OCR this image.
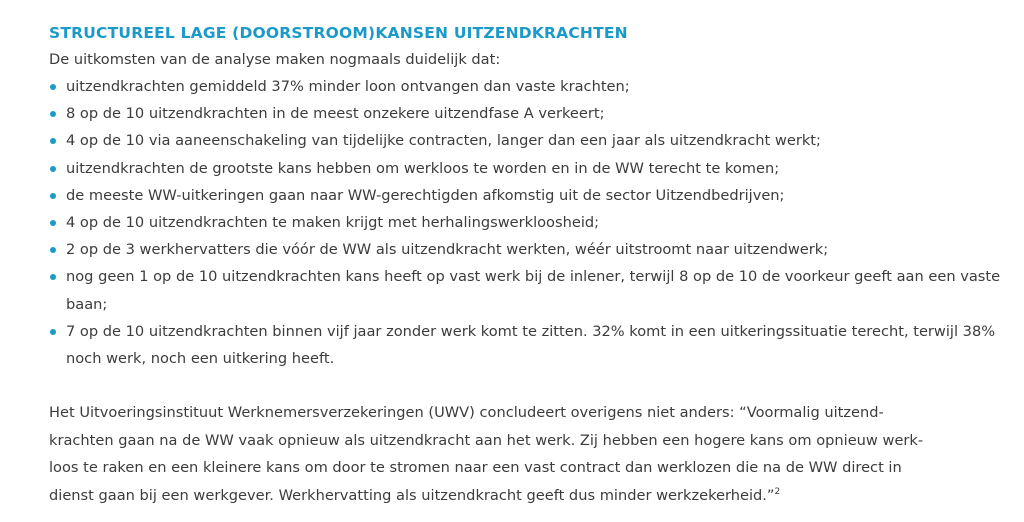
STRUCTUREEL LAGE (DOORSTROOM)KANSEN UITZENDKRACHTEN

De uitkomsten van de analyse maken nogmaals duidelijk dat:

uitzendkrachten gemiddeld 37% minder loon ontvangen dan vaste krachten;
8 op de 10 uitzendkrachten in de meest onzekere uitzendfase A verkeert;
4 op de 10 via aaneenschakeling van tijdelijke contracten, langer dan een jaar als uitzendkracht werkt;
uitzendkrachten de grootste kans hebben om werkloos te worden en in de WW terecht te komen;
de meeste WW-uitkeringen gaan naar WW-gerechtigden afkomstig uit de sector Uitzendbedrijven;
4 op de 10 uitzendkrachten te maken krijgt met herhalingswerkloosheid;
2 op de 3 werkhervatters die vóór de WW als uitzendkracht werkten, wéér uitstroomt naar uitzendwerk;
nog geen 1 op de 10 uitzendkrachten kans heeft op vast werk bij de inlener, terwijl 8 op de 10 de voorkeur geeft aan een vaste baan;
7 op de 10 uitzendkrachten binnen vijf jaar zonder werk komt te zitten. 32% komt in een uitkeringssituatie terecht, terwijl 38% noch werk, noch een uitkering heeft.
Het Uitvoeringsinstituut Werknemersverzekeringen (UWV) concludeert overigens niet anders: “Voormalig uitzend-
krachten gaan na de WW vaak opnieuw als uitzendkracht aan het werk. Zij hebben een hogere kans om opnieuw werk-
loos te raken en een kleinere kans om door te stromen naar een vast contract dan werklozen die na de WW direct in
dienst gaan bij een werkgever. Werkhervatting als uitzendkracht geeft dus minder werkzekerheid.”$^2$
